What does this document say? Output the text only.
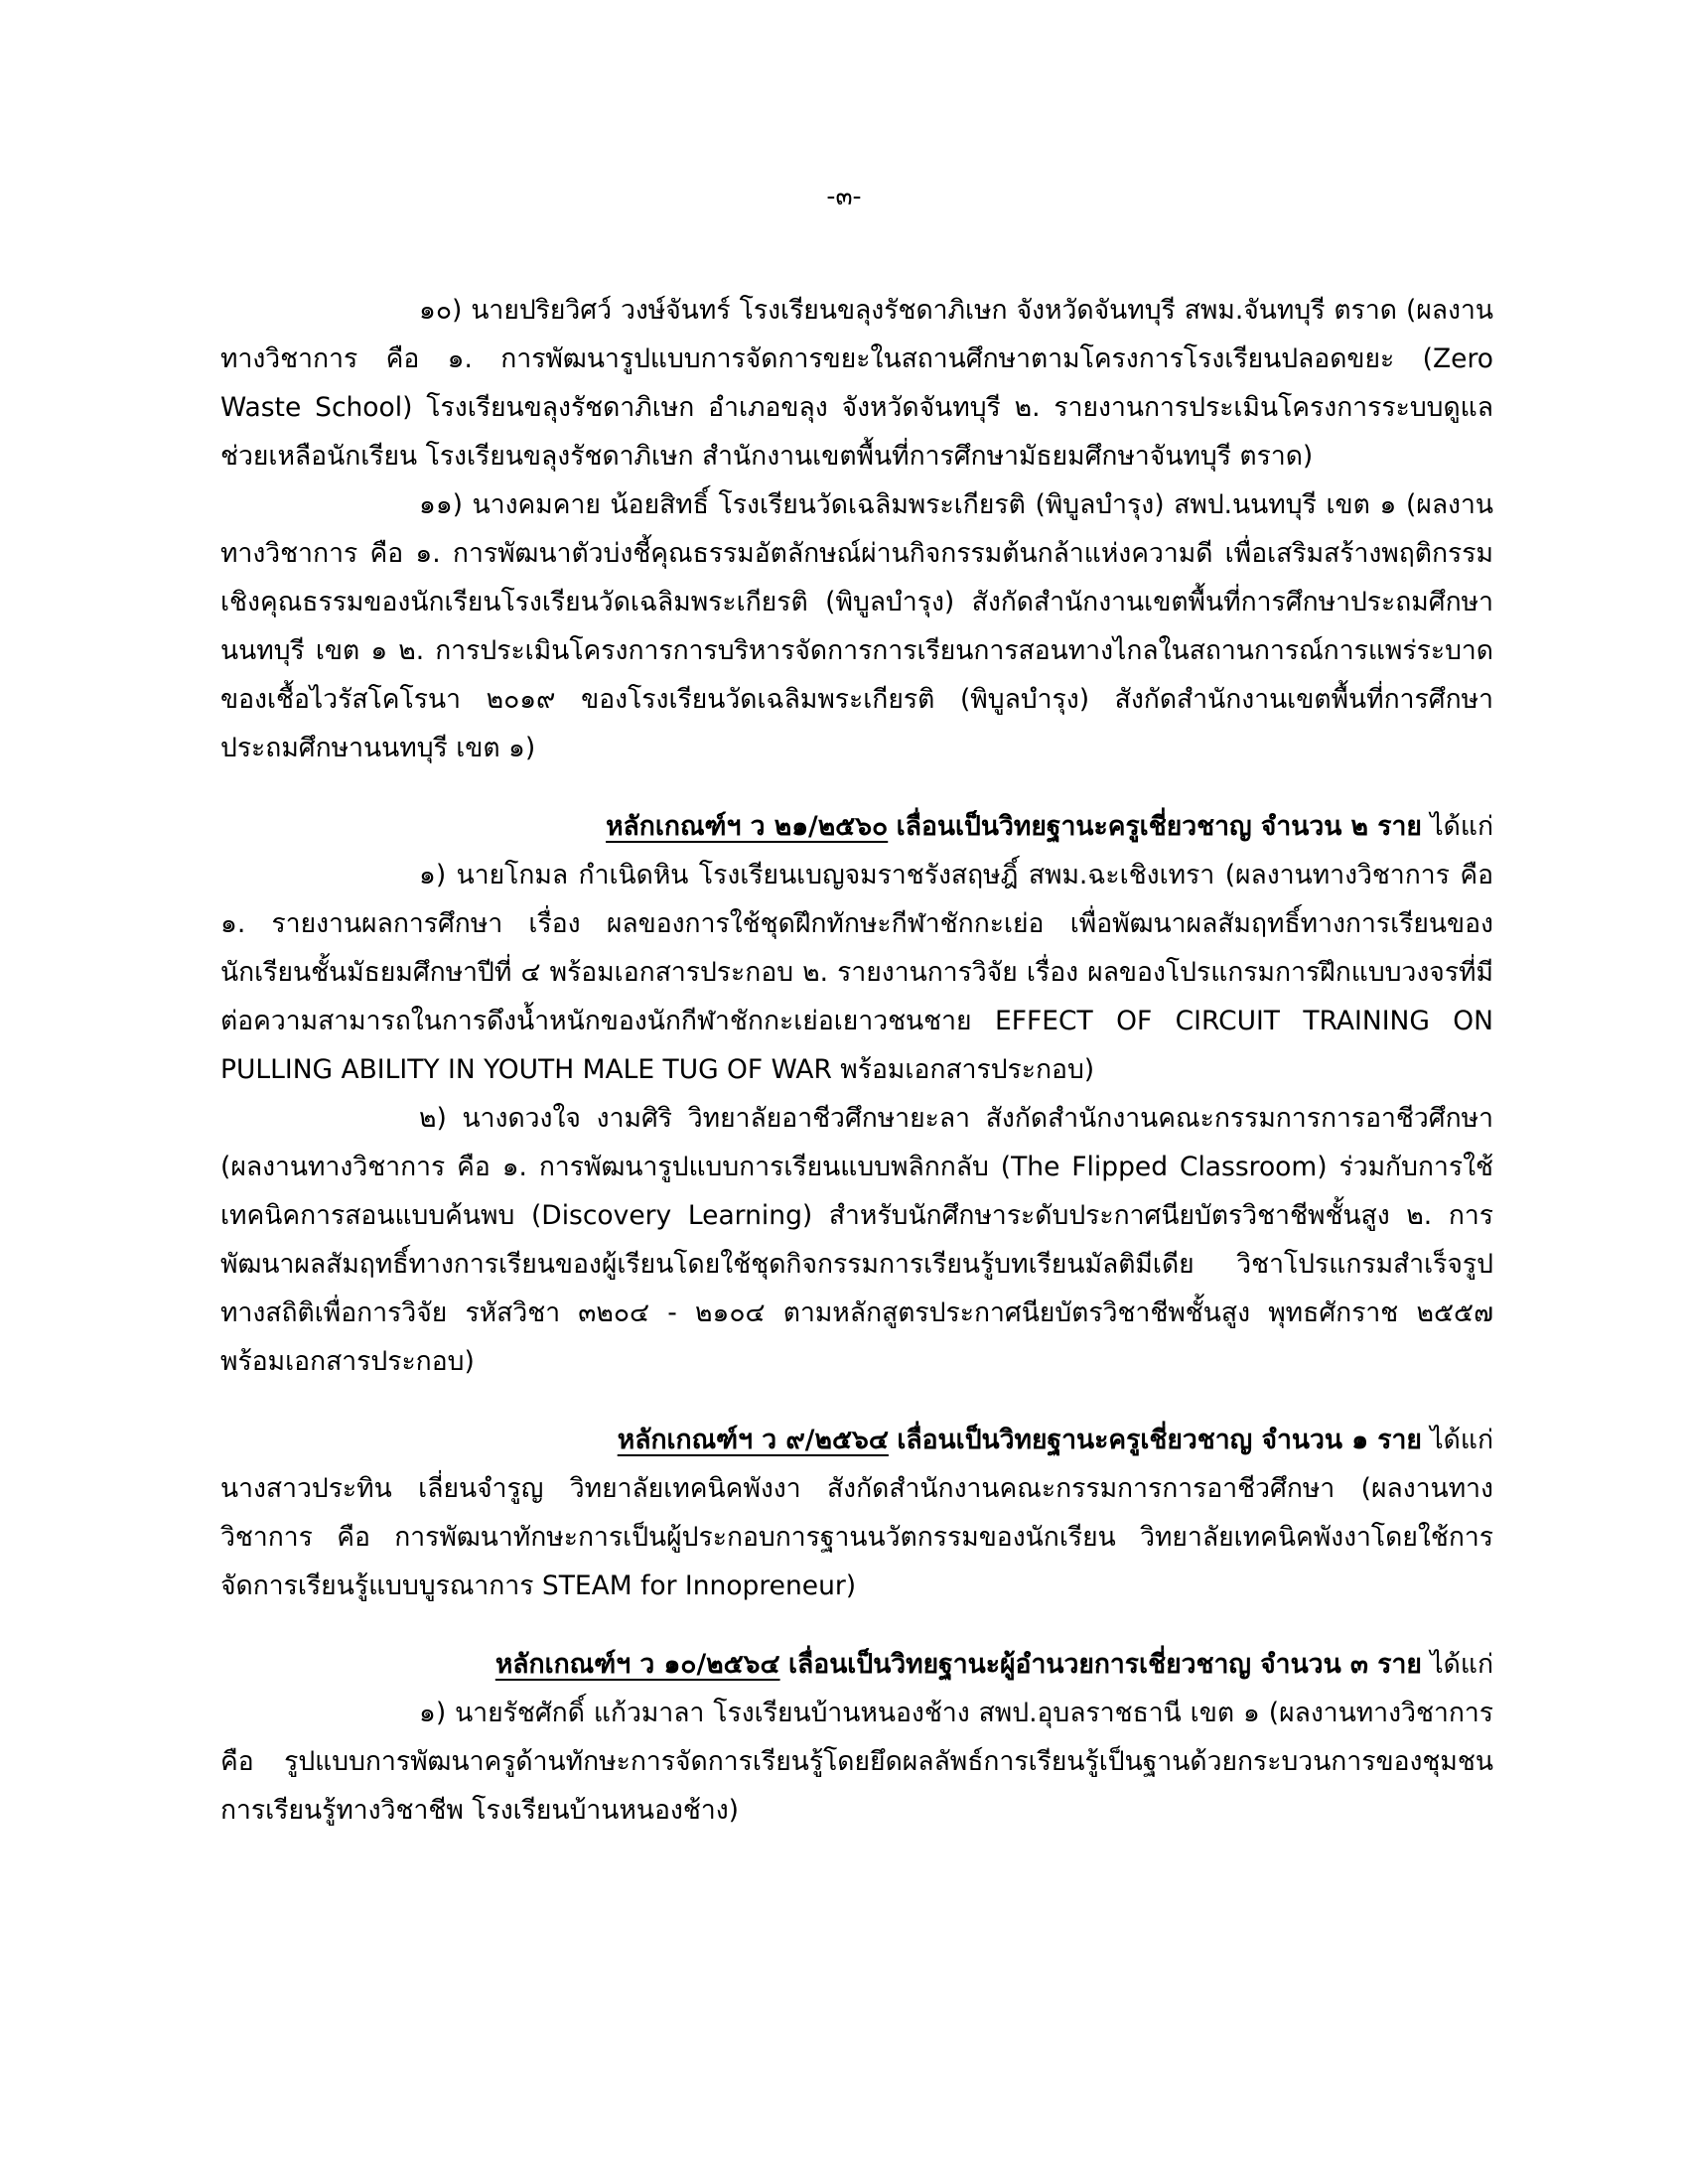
-๓-

๑๐) นายปริยวิศว์ วงษ์จันทร์ โรงเรียนขลุงรัชดาภิเษก จังหวัดจันทบุรี สพม.จันทบุรี ตราด (ผลงานทางวิชาการ คือ ๑. การพัฒนารูปแบบการจัดการขยะในสถานศึกษาตามโครงการโรงเรียนปลอดขยะ (Zero Waste School) โรงเรียนขลุงรัชดาภิเษก อำเภอขลุง จังหวัดจันทบุรี ๒. รายงานการประเมินโครงการระบบดูแลช่วยเหลือนักเรียน โรงเรียนขลุงรัชดาภิเษก สำนักงานเขตพื้นที่การศึกษามัธยมศึกษาจันทบุรี ตราด)

๑๑) นางคมคาย น้อยสิทธิ์ โรงเรียนวัดเฉลิมพระเกียรติ (พิบูลบำรุง) สพป.นนทบุรี เขต ๑ (ผลงานทางวิชาการ คือ ๑. การพัฒนาตัวบ่งชี้คุณธรรมอัตลักษณ์ผ่านกิจกรรมต้นกล้าแห่งความดี เพื่อเสริมสร้างพฤติกรรมเชิงคุณธรรมของนักเรียนโรงเรียนวัดเฉลิมพระเกียรติ (พิบูลบำรุง) สังกัดสำนักงานเขตพื้นที่การศึกษาประถมศึกษานนทบุรี เขต ๑ ๒. การประเมินโครงการการบริหารจัดการการเรียนการสอนทางไกลในสถานการณ์การแพร่ระบาดของเชื้อไวรัสโคโรนา ๒๐๑๙ ของโรงเรียนวัดเฉลิมพระเกียรติ (พิบูลบำรุง) สังกัดสำนักงานเขตพื้นที่การศึกษาประถมศึกษานนทบุรี เขต ๑)

หลักเกณฑ์ฯ ว ๒๑/๒๕๖๐ เลื่อนเป็นวิทยฐานะครูเชี่ยวชาญ จำนวน ๒ ราย ได้แก่

๑) นายโกมล กำเนิดหิน โรงเรียนเบญจมราชรังสฤษฎิ์ สพม.ฉะเชิงเทรา (ผลงานทางวิชาการ คือ ๑. รายงานผลการศึกษา เรื่อง ผลของการใช้ชุดฝึกทักษะกีฬาชักกะเย่อ เพื่อพัฒนาผลสัมฤทธิ์ทางการเรียนของนักเรียนชั้นมัธยมศึกษาปีที่ ๔ พร้อมเอกสารประกอบ ๒. รายงานการวิจัย เรื่อง ผลของโปรแกรมการฝึกแบบวงจรที่มีต่อความสามารถในการดึงน้ำหนักของนักกีฬาชักกะเย่อเยาวชนชาย EFFECT OF CIRCUIT TRAINING ON PULLING ABILITY IN YOUTH MALE TUG OF WAR พร้อมเอกสารประกอบ)

๒) นางดวงใจ งามศิริ วิทยาลัยอาชีวศึกษายะลา สังกัดสำนักงานคณะกรรมการการอาชีวศึกษา (ผลงานทางวิชาการ คือ ๑. การพัฒนารูปแบบการเรียนแบบพลิกกลับ (The Flipped Classroom) ร่วมกับการใช้เทคนิคการสอนแบบค้นพบ (Discovery Learning) สำหรับนักศึกษาระดับประกาศนียบัตรวิชาชีพชั้นสูง ๒. การพัฒนาผลสัมฤทธิ์ทางการเรียนของผู้เรียนโดยใช้ชุดกิจกรรมการเรียนรู้บทเรียนมัลติมีเดีย วิชาโปรแกรมสำเร็จรูปทางสถิติเพื่อการวิจัย รหัสวิชา ๓๒๐๔ - ๒๑๐๔ ตามหลักสูตรประกาศนียบัตรวิชาชีพชั้นสูง พุทธศักราช ๒๕๕๗ พร้อมเอกสารประกอบ)

หลักเกณฑ์ฯ ว ๙/๒๕๖๔ เลื่อนเป็นวิทยฐานะครูเชี่ยวชาญ จำนวน ๑ ราย ได้แก่

นางสาวประทิน เลี่ยนจำรูญ วิทยาลัยเทคนิคพังงา สังกัดสำนักงานคณะกรรมการการอาชีวศึกษา (ผลงานทางวิชาการ คือ การพัฒนาทักษะการเป็นผู้ประกอบการฐานนวัตกรรมของนักเรียน วิทยาลัยเทคนิคพังงาโดยใช้การจัดการเรียนรู้แบบบูรณาการ STEAM for Innopreneur)

หลักเกณฑ์ฯ ว ๑๐/๒๕๖๔ เลื่อนเป็นวิทยฐานะผู้อำนวยการเชี่ยวชาญ จำนวน ๓ ราย ได้แก่

๑) นายรัชศักดิ์ แก้วมาลา โรงเรียนบ้านหนองช้าง สพป.อุบลราชธานี เขต ๑ (ผลงานทางวิชาการ คือ รูปแบบการพัฒนาครูด้านทักษะการจัดการเรียนรู้โดยยึดผลลัพธ์การเรียนรู้เป็นฐานด้วยกระบวนการของชุมชนการเรียนรู้ทางวิชาชีพ โรงเรียนบ้านหนองช้าง)
